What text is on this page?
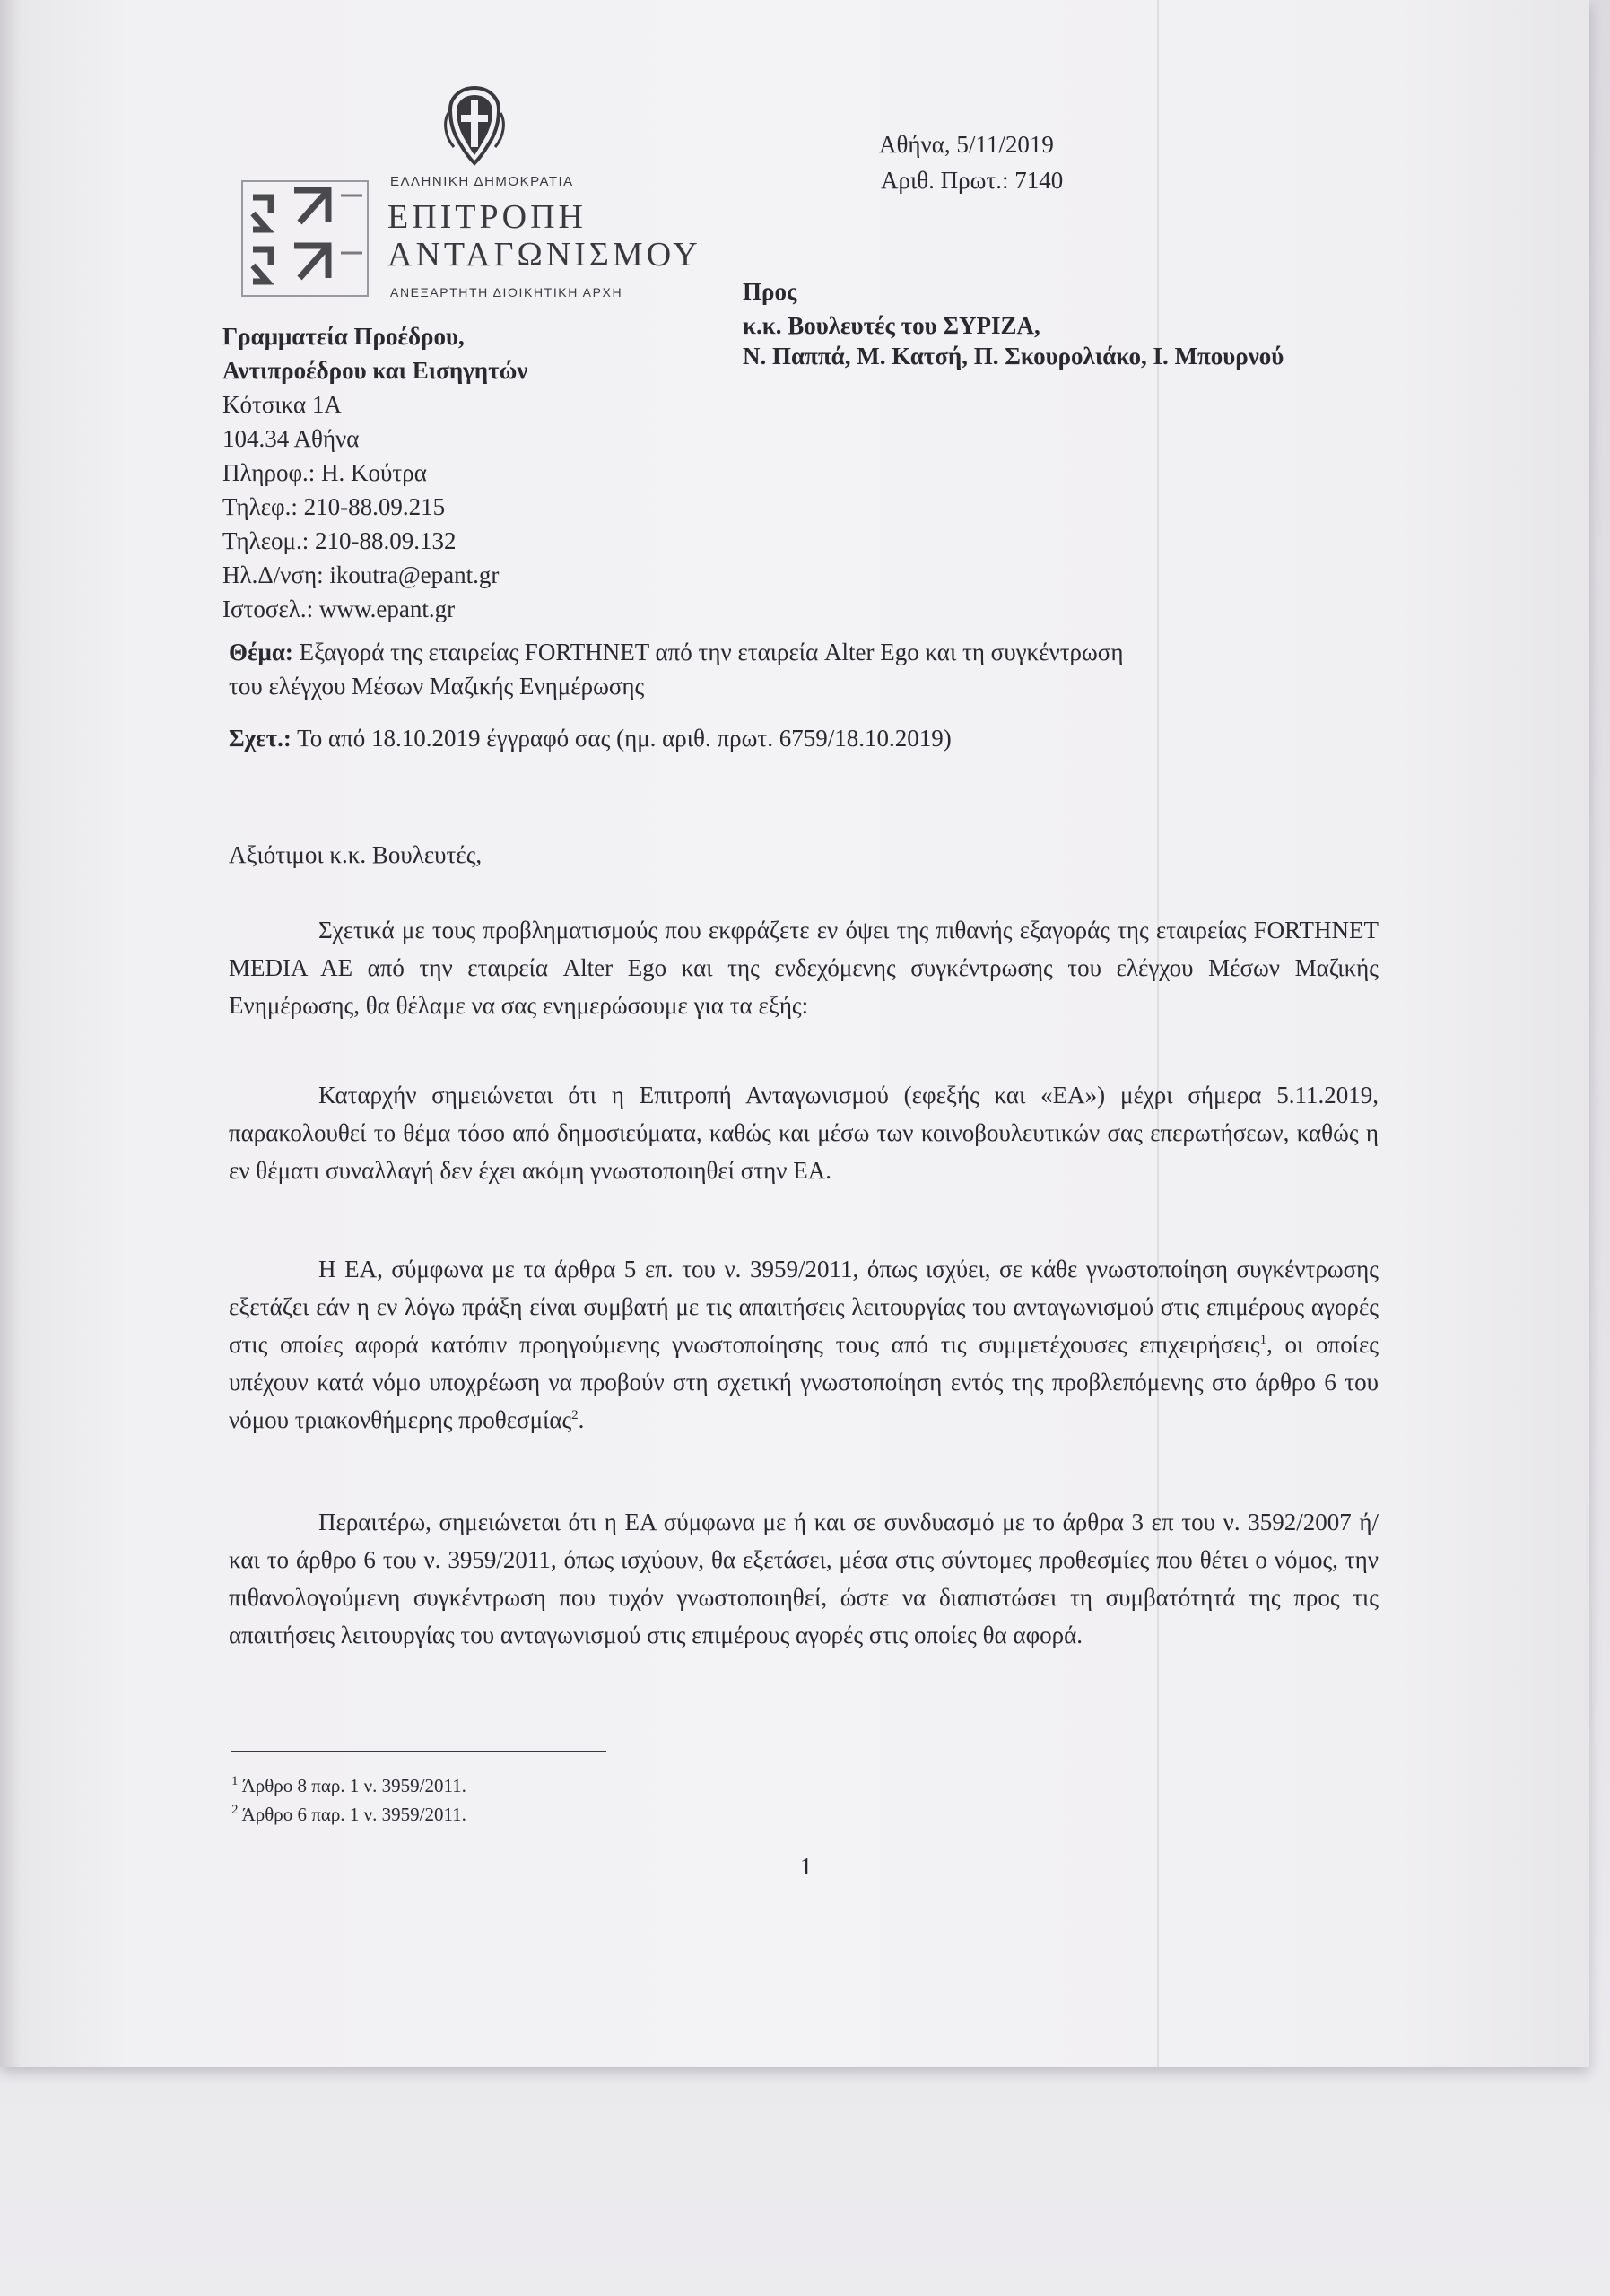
ΕΛΛΗΝΙΚΗ ΔΗΜΟΚΡΑΤΙΑ
ΕΠΙΤΡΟΠΗ
ΑΝΤΑΓΩΝΙΣΜΟΥ
ΑΝΕΞΑΡΤΗΤΗ ΔΙΟΙΚΗΤΙΚΗ ΑΡΧΗ
Αθήνα, 5/11/2019
Αριθ. Πρωτ.: 7140
Προς
κ.κ. Βουλευτές του ΣΥΡΙΖΑ,
Ν. Παππά, Μ. Κατσή, Π. Σκουρολιάκο, Ι. Μπουρνού
Γραμματεία Προέδρου,
Αντιπροέδρου και Εισηγητών
Κότσικα 1Α
104.34 Αθήνα
Πληροφ.: Η. Κούτρα
Τηλεφ.: 210-88.09.215
Τηλεομ.: 210-88.09.132
Ηλ.Δ/νση: ikoutra@epant.gr
Ιστοσελ.: www.epant.gr
Θέμα: Εξαγορά της εταιρείας FORTHNET από την εταιρεία Alter Ego και τη συγκέντρωση
του ελέγχου Μέσων Μαζικής Ενημέρωσης
Σχετ.: Το από 18.10.2019 έγγραφό σας (ημ. αριθ. πρωτ. 6759/18.10.2019)
Αξιότιμοι κ.κ. Βουλευτές,
Σχετικά με τους προβληματισμούς που εκφράζετε εν όψει της πιθανής εξαγοράς της εταιρείας FORTHNET MEDIA AE από την εταιρεία Alter Ego και της ενδεχόμενης συγκέντρωσης του ελέγχου Μέσων Μαζικής Ενημέρωσης, θα θέλαμε να σας ενημερώσουμε για τα εξής:
Καταρχήν σημειώνεται ότι η Επιτροπή Ανταγωνισμού (εφεξής και «ΕΑ») μέχρι σήμερα 5.11.2019, παρακολουθεί το θέμα τόσο από δημοσιεύματα, καθώς και μέσω των κοινοβουλευτικών σας επερωτήσεων, καθώς η εν θέματι συναλλαγή δεν έχει ακόμη γνωστοποιηθεί στην ΕΑ.
Η ΕΑ, σύμφωνα με τα άρθρα 5 επ. του ν. 3959/2011, όπως ισχύει, σε κάθε γνωστοποίηση συγκέντρωσης εξετάζει εάν η εν λόγω πράξη είναι συμβατή με τις απαιτήσεις λειτουργίας του ανταγωνισμού στις επιμέρους αγορές στις οποίες αφορά κατόπιν προηγούμενης γνωστοποίησης τους από τις συμμετέχουσες επιχειρήσεις$^1$, οι οποίες υπέχουν κατά νόμο υποχρέωση να προβούν στη σχετική γνωστοποίηση εντός της προβλεπόμενης στο άρθρο 6 του νόμου τριακονθήμερης προθεσμίας$^2$.
Περαιτέρω, σημειώνεται ότι η ΕΑ σύμφωνα με ή και σε συνδυασμό με το άρθρα 3 επ του ν. 3592/2007 ή/ και το άρθρο 6 του ν. 3959/2011, όπως ισχύουν, θα εξετάσει, μέσα στις σύντομες προθεσμίες που θέτει ο νόμος, την πιθανολογούμενη συγκέντρωση που τυχόν γνωστοποιηθεί, ώστε να διαπιστώσει τη συμβατότητά της προς τις απαιτήσεις λειτουργίας του ανταγωνισμού στις επιμέρους αγορές στις οποίες θα αφορά.
$^1$ Άρθρο 8 παρ. 1 ν. 3959/2011.
$^2$ Άρθρο 6 παρ. 1 ν. 3959/2011.
1
